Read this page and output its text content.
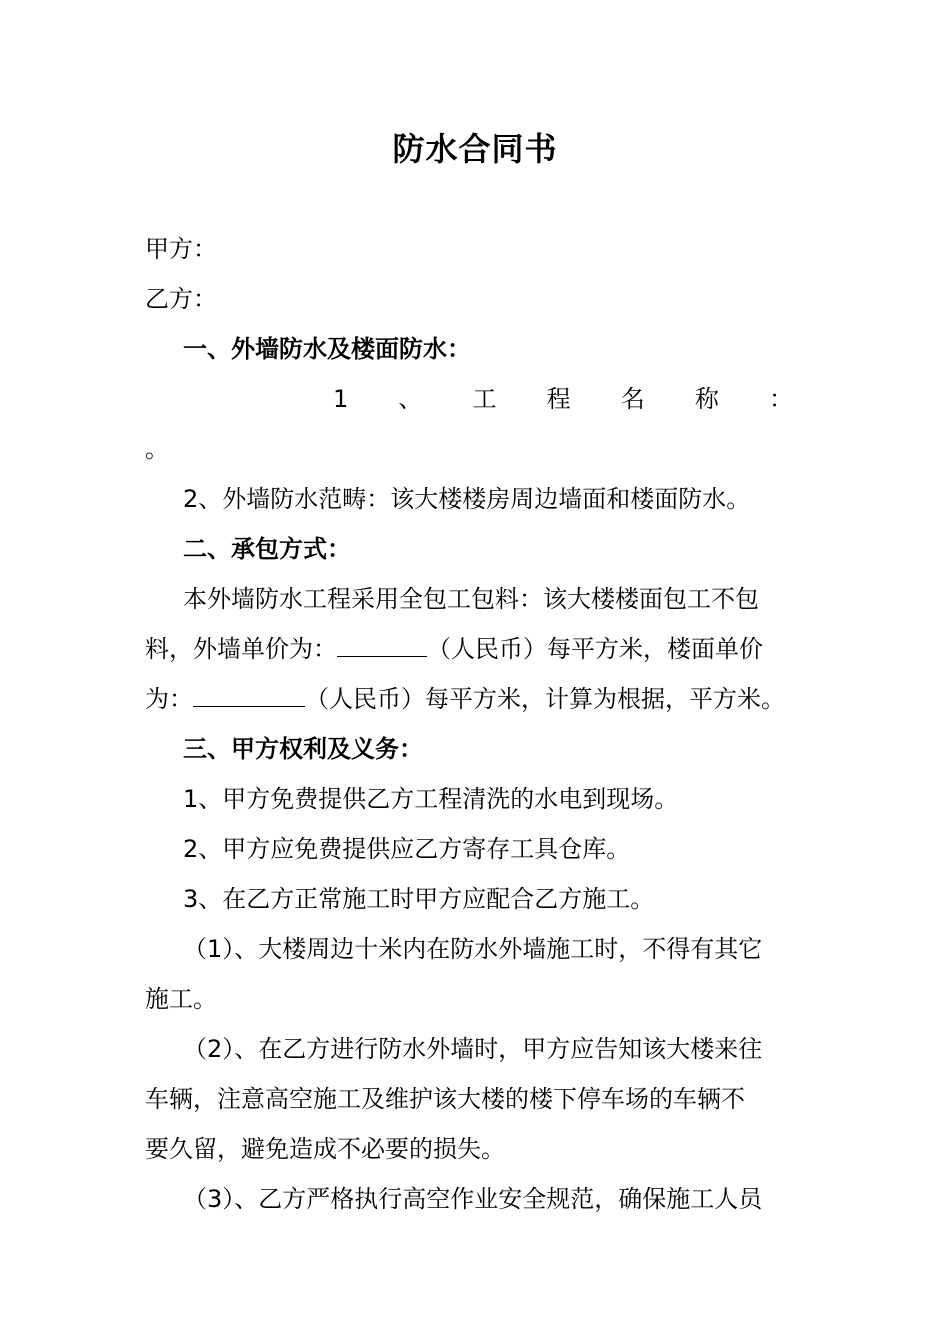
防水合同书
甲方：
乙方：
一、外墙防水及楼面防水：
1 、 工 程 名 称 ：
。
2、外墙防水范畴：该大楼楼房周边墙面和楼面防水。
二、承包方式：
本外墙防水工程采用全包工包料：该大楼楼面包工不包
料，外墙单价为：	（人民币）每平方米，楼面单价
为：	（人民币）每平方米，计算为根据，平方米。
三、甲方权利及义务：
1、甲方免费提供乙方工程清洗的水电到现场。
2、甲方应免费提供应乙方寄存工具仓库。
3、在乙方正常施工时甲方应配合乙方施工。
（1）、大楼周边十米内在防水外墙施工时，不得有其它
施工。
（2）、在乙方进行防水外墙时，甲方应告知该大楼来往
车辆，注意高空施工及维护该大楼的楼下停车场的车辆不
要久留，避免造成不必要的损失。
（3）、乙方严格执行高空作业安全规范，确保施工人员
